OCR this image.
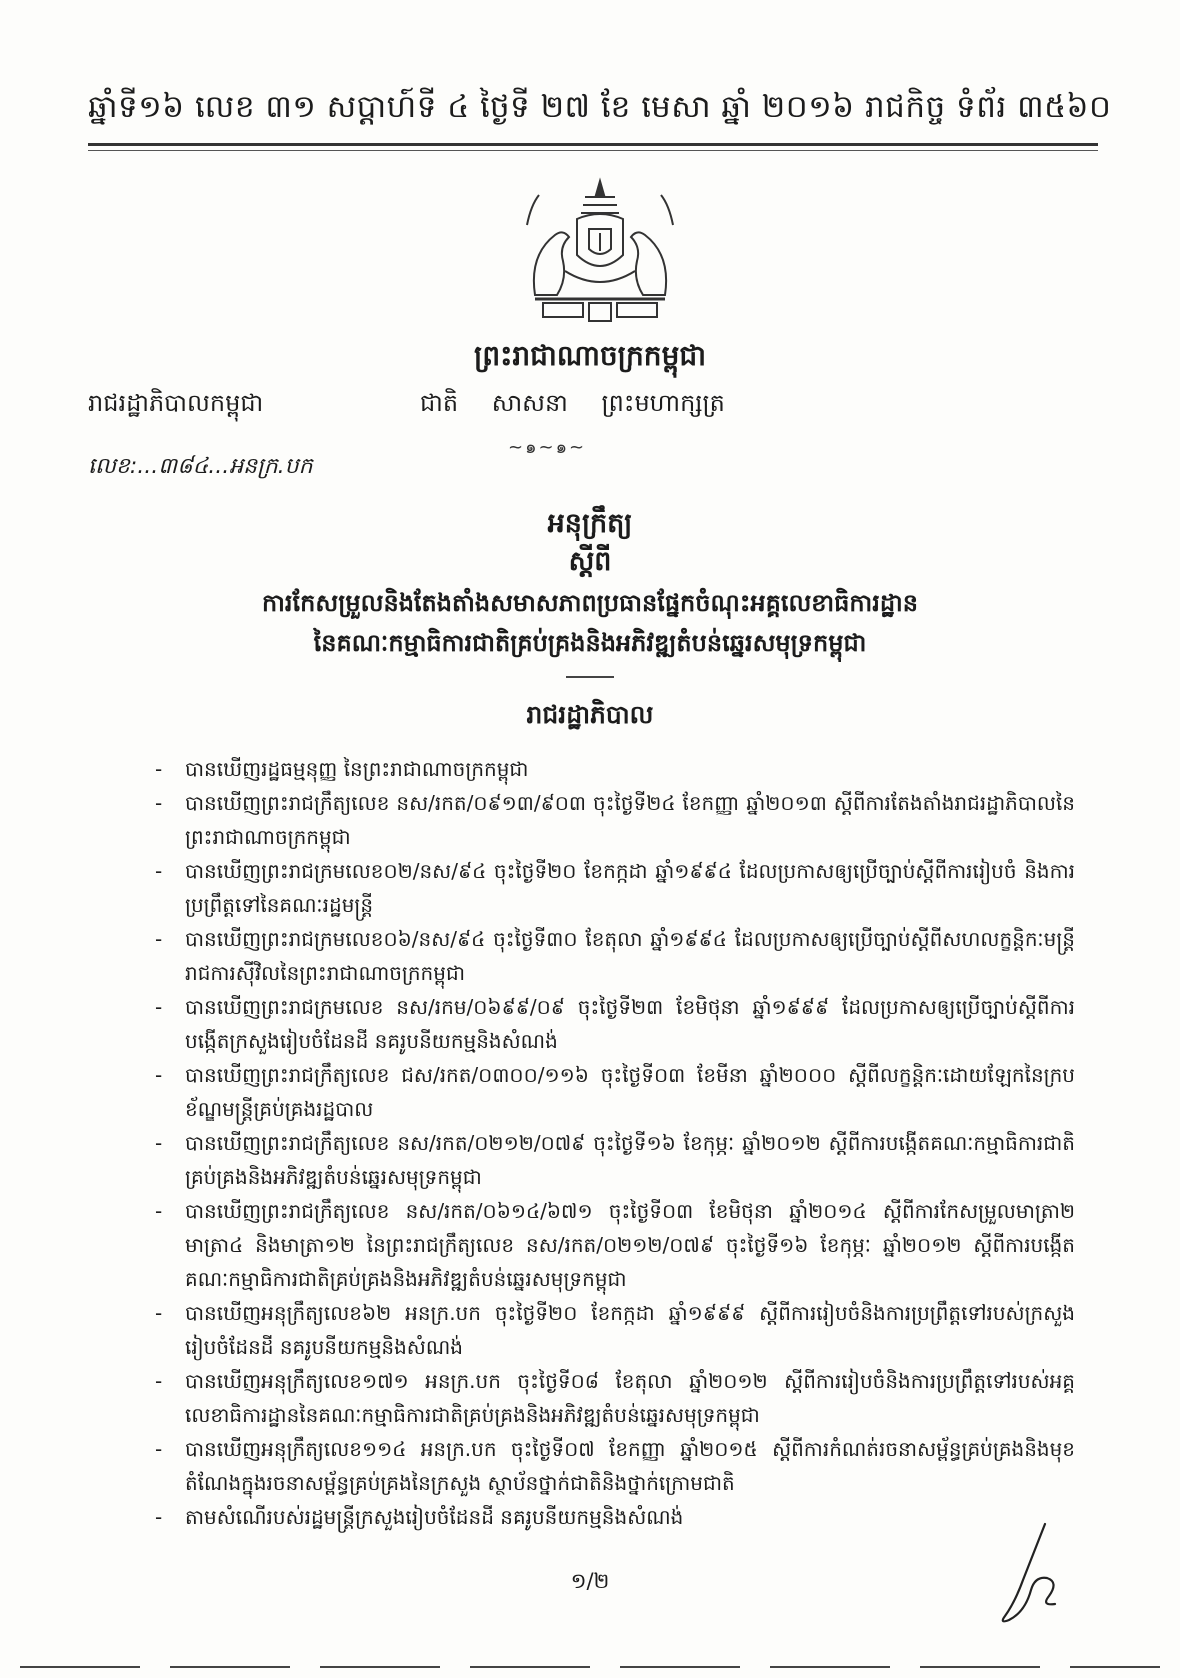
ឆ្នាំទី១៦ លេខ ៣១ សប្តាហ៍ទី ៤ ថ្ងៃទី ២៧ ខែ មេសា ឆ្នាំ ២០១៦ រាជកិច្ច ទំព័រ ៣៥៦០
ព្រះរាជាណាចក្រកម្ពុជា
រាជរដ្ឋាភិបាលកម្ពុជា	ជាតិ សាសនា ព្រះមហាក្សត្រ
~๑~๑~
លេខ:...៣៨៤...អនក្រ.បក
អនុក្រឹត្យ
ស្តីពី
ការកែសម្រួលនិងតែងតាំងសមាសភាពប្រធានផ្នែកចំណុះអគ្គលេខាធិការដ្ឋាន
នៃគណៈកម្មាធិការជាតិគ្រប់គ្រងនិងអភិវឌ្ឍតំបន់ឆ្នេរសមុទ្រកម្ពុជា
រាជរដ្ឋាភិបាល
- បានឃើញរដ្ឋធម្មនុញ្ញ នៃព្រះរាជាណាចក្រកម្ពុជា
- បានឃើញព្រះរាជក្រឹត្យលេខ នស/រកត/០៩១៣/៩០៣ ចុះថ្ងៃទី២៤ ខែកញ្ញា ឆ្នាំ២០១៣ ស្តីពីការតែងតាំងរាជរដ្ឋាភិបាលនៃព្រះរាជាណាចក្រកម្ពុជា
- បានឃើញព្រះរាជក្រមលេខ០២/នស/៩៤ ចុះថ្ងៃទី២០ ខែកក្កដា ឆ្នាំ១៩៩៤ ដែលប្រកាសឲ្យប្រើច្បាប់ស្តីពីការរៀបចំ និងការប្រព្រឹត្តទៅនៃគណៈរដ្ឋមន្ត្រី
- បានឃើញព្រះរាជក្រមលេខ០៦/នស/៩៤ ចុះថ្ងៃទី៣០ ខែតុលា ឆ្នាំ១៩៩៤ ដែលប្រកាសឲ្យប្រើច្បាប់ស្តីពីសហលក្ខន្តិកៈមន្ត្រីរាជការស៊ីវិលនៃព្រះរាជាណាចក្រកម្ពុជា
- បានឃើញព្រះរាជក្រមលេខ នស/រកម/០៦៩៩/០៩ ចុះថ្ងៃទី២៣ ខែមិថុនា ឆ្នាំ១៩៩៩ ដែលប្រកាសឲ្យប្រើច្បាប់ស្តីពីការបង្កើតក្រសួងរៀបចំដែនដី នគរូបនីយកម្មនិងសំណង់
- បានឃើញព្រះរាជក្រឹត្យលេខ ជស/រកត/០៣០០/១១៦ ចុះថ្ងៃទី០៣ ខែមីនា ឆ្នាំ២០០០ ស្តីពីលក្ខន្តិកៈដោយឡែកនៃក្របខ័ណ្ឌមន្ត្រីគ្រប់គ្រងរដ្ឋបាល
- បានឃើញព្រះរាជក្រឹត្យលេខ នស/រកត/០២១២/០៧៩ ចុះថ្ងៃទី១៦ ខែកុម្ភៈ ឆ្នាំ២០១២ ស្តីពីការបង្កើតគណៈកម្មាធិការជាតិគ្រប់គ្រងនិងអភិវឌ្ឍតំបន់ឆ្នេរសមុទ្រកម្ពុជា
- បានឃើញព្រះរាជក្រឹត្យលេខ នស/រកត/០៦១៤/៦៧១ ចុះថ្ងៃទី០៣ ខែមិថុនា ឆ្នាំ២០១៤ ស្តីពីការកែសម្រួលមាត្រា២ មាត្រា៤ និងមាត្រា១២ នៃព្រះរាជក្រឹត្យលេខ នស/រកត/០២១២/០៧៩ ចុះថ្ងៃទី១៦ ខែកុម្ភៈ ឆ្នាំ២០១២ ស្តីពីការបង្កើតគណៈកម្មាធិការជាតិគ្រប់គ្រងនិងអភិវឌ្ឍតំបន់ឆ្នេរសមុទ្រកម្ពុជា
- បានឃើញអនុក្រឹត្យលេខ៦២ អនក្រ.បក ចុះថ្ងៃទី២០ ខែកក្កដា ឆ្នាំ១៩៩៩ ស្តីពីការរៀបចំនិងការប្រព្រឹត្តទៅរបស់ក្រសួងរៀបចំដែនដី នគរូបនីយកម្មនិងសំណង់
- បានឃើញអនុក្រឹត្យលេខ១៧១ អនក្រ.បក ចុះថ្ងៃទី០៨ ខែតុលា ឆ្នាំ២០១២ ស្តីពីការរៀបចំនិងការប្រព្រឹត្តទៅរបស់អគ្គលេខាធិការដ្ឋាននៃគណៈកម្មាធិការជាតិគ្រប់គ្រងនិងអភិវឌ្ឍតំបន់ឆ្នេរសមុទ្រកម្ពុជា
- បានឃើញអនុក្រឹត្យលេខ១១៤ អនក្រ.បក ចុះថ្ងៃទី០៧ ខែកញ្ញា ឆ្នាំ២០១៥ ស្តីពីការកំណត់រចនាសម្ព័ន្ធគ្រប់គ្រងនិងមុខតំណែងក្នុងរចនាសម្ព័ន្ធគ្រប់គ្រងនៃក្រសួង ស្ថាប័នថ្នាក់ជាតិនិងថ្នាក់ក្រោមជាតិ
- តាមសំណើរបស់រដ្ឋមន្ត្រីក្រសួងរៀបចំដែនដី នគរូបនីយកម្មនិងសំណង់
១/២
